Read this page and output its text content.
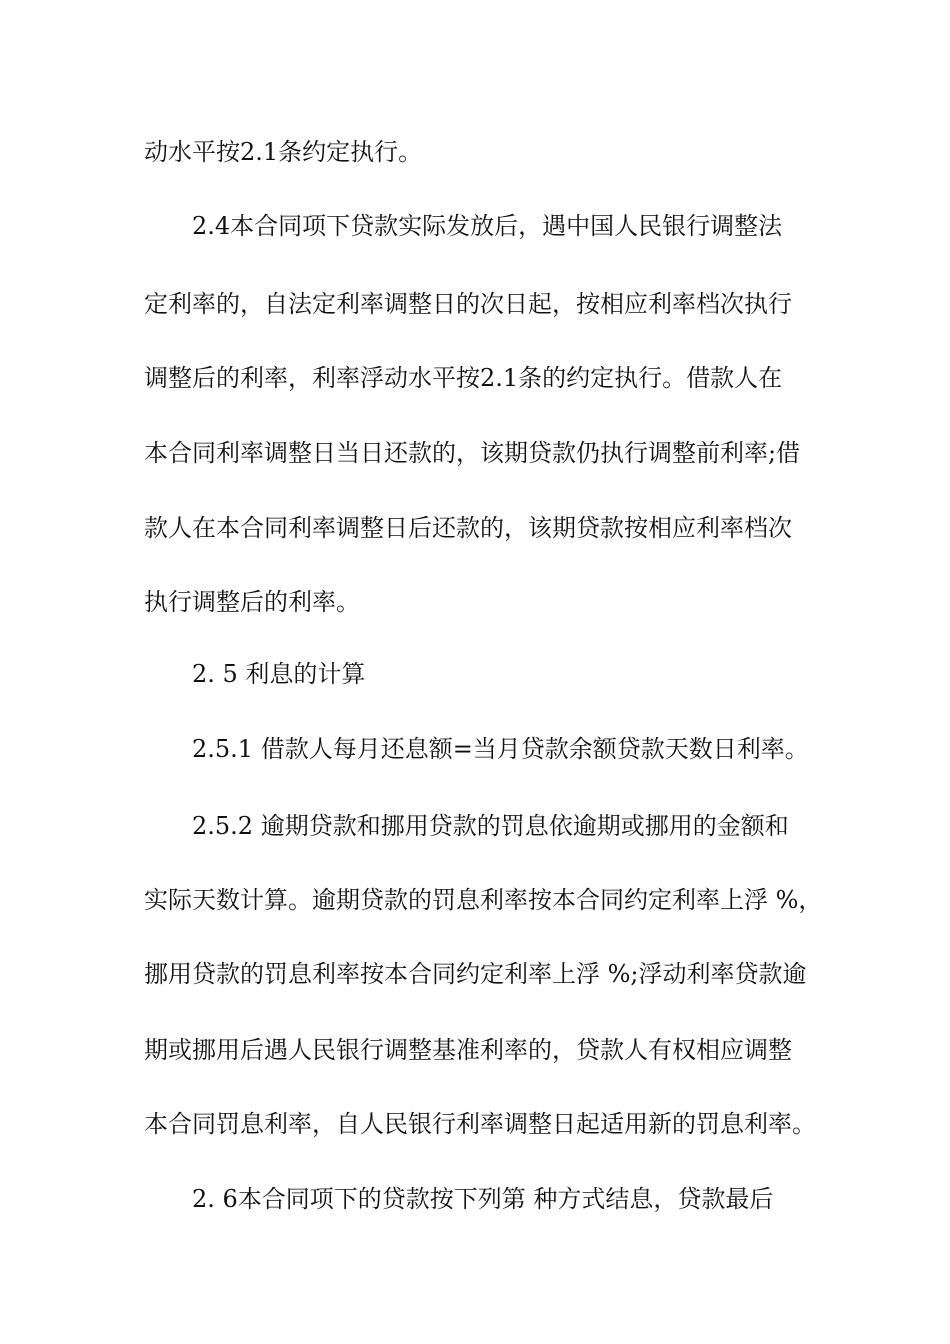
动水平按2.1条约定执行。
2.4本合同项下贷款实际发放后，遇中国人民银行调整法
定利率的，自法定利率调整日的次日起，按相应利率档次执行
调整后的利率，利率浮动水平按2.1条的约定执行。借款人在
本合同利率调整日当日还款的，该期贷款仍执行调整前利率;借
款人在本合同利率调整日后还款的，该期贷款按相应利率档次
执行调整后的利率。
2. 5 利息的计算
2.5.1 借款人每月还息额=当月贷款余额贷款天数日利率。
2.5.2 逾期贷款和挪用贷款的罚息依逾期或挪用的金额和
实际天数计算。逾期贷款的罚息利率按本合同约定利率上浮 %，
挪用贷款的罚息利率按本合同约定利率上浮 %;浮动利率贷款逾
期或挪用后遇人民银行调整基准利率的，贷款人有权相应调整
本合同罚息利率，自人民银行利率调整日起适用新的罚息利率。
2. 6本合同项下的贷款按下列第 种方式结息，贷款最后
